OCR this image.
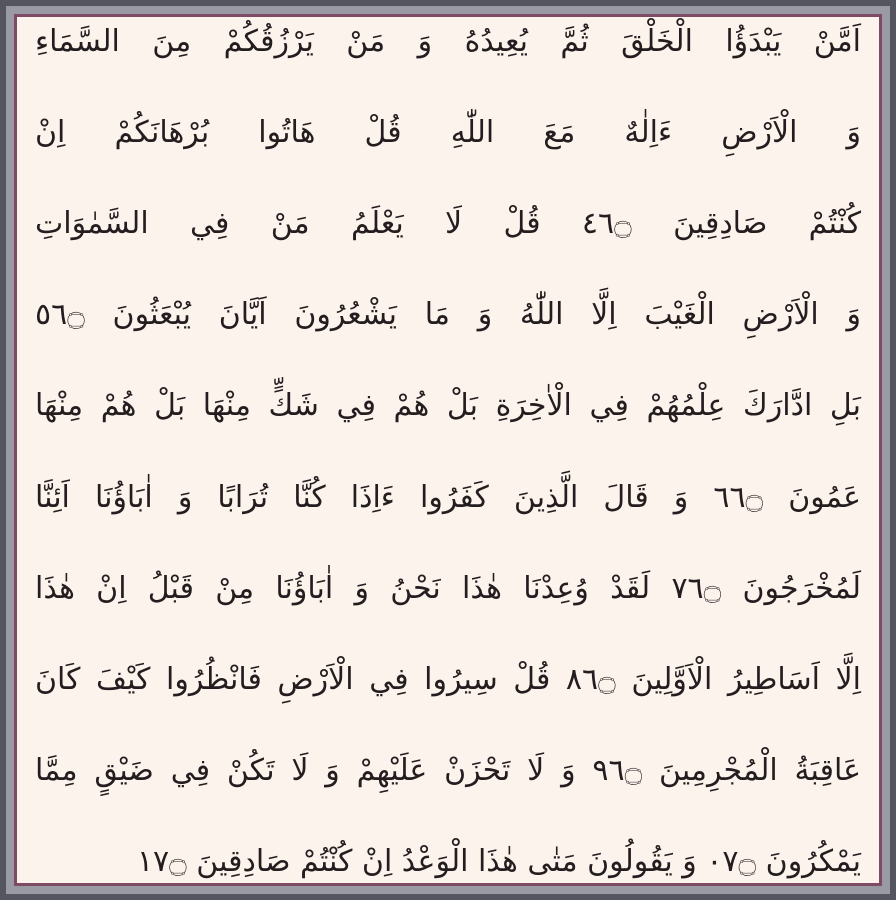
اَمَّنْ يَبْدَؤُا الْخَلْقَ ثُمَّ يُعِيدُهُ وَ مَنْ يَرْزُقُكُمْ مِنَ السَّمَاءِ
وَ الْاَرْضِ ءَاِلٰهٌ مَعَ اللّٰهِ قُلْ هَاتُوا بُرْهَانَكُمْ اِنْ
كُنْتُمْ صَادِقِينَ ۝٦٤ قُلْ لَا يَعْلَمُ مَنْ فِي السَّمٰوَاتِ
وَ الْاَرْضِ الْغَيْبَ اِلَّا اللّٰهُ وَ مَا يَشْعُرُونَ اَيَّانَ يُبْعَثُونَ ۝٦٥
بَلِ ادَّارَكَ عِلْمُهُمْ فِي الْاٰخِرَةِ بَلْ هُمْ فِي شَكٍّ مِنْهَا بَلْ هُمْ مِنْهَا
عَمُونَ ۝٦٦ وَ قَالَ الَّذِينَ كَفَرُوا ءَاِذَا كُنَّا تُرَابًا وَ اٰبَاؤُنَا اَئِنَّا
لَمُخْرَجُونَ ۝٦٧ لَقَدْ وُعِدْنَا هٰذَا نَحْنُ وَ اٰبَاؤُنَا مِنْ قَبْلُ اِنْ هٰذَا
اِلَّا اَسَاطِيرُ الْاَوَّلِينَ ۝٦٨ قُلْ سِيرُوا فِي الْاَرْضِ فَانْظُرُوا كَيْفَ كَانَ
عَاقِبَةُ الْمُجْرِمِينَ ۝٦٩ وَ لَا تَحْزَنْ عَلَيْهِمْ وَ لَا تَكُنْ فِي ضَيْقٍ مِمَّا
يَمْكُرُونَ ۝٧٠ وَ يَقُولُونَ مَتٰى هٰذَا الْوَعْدُ اِنْ كُنْتُمْ صَادِقِينَ ۝٧١
